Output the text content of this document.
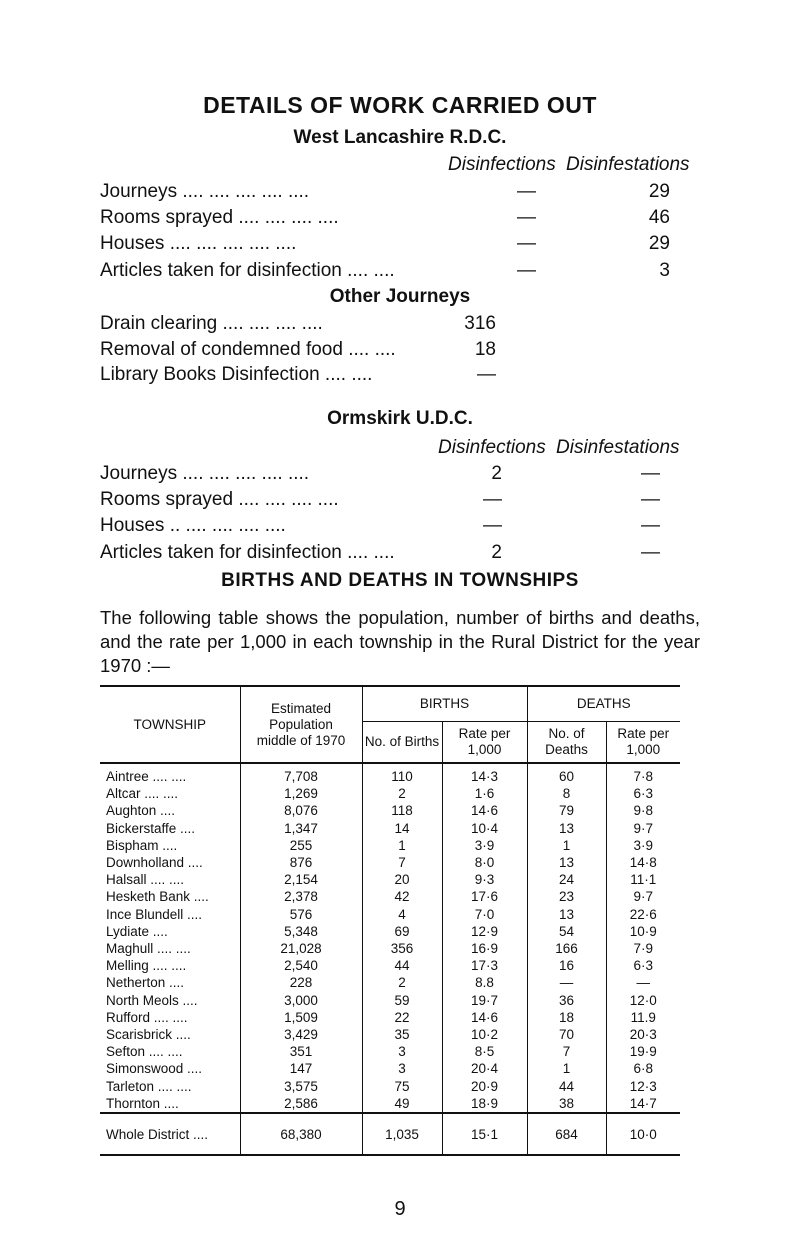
DETAILS OF WORK CARRIED OUT
West Lancashire R.D.C.
Disinfections Disinfestations
Journeys .... .... .... .... ....	—	29
Rooms sprayed .... .... .... ....	—	46
Houses .... .... .... .... ....	—	29
Articles taken for disinfection .... ....	—	3
Other Journeys
Drain clearing .... .... .... ....	316
Removal of condemned food .... ....	18
Library Books Disinfection .... ....	—
Ormskirk U.D.C.
Disinfections Disinfestations
Journeys .... .... .... .... ....	2	—
Rooms sprayed .... .... .... ....	—	—
Houses .. .... .... .... ....	—	—
Articles taken for disinfection .... ....	2	—
BIRTHS AND DEATHS IN TOWNSHIPS
The following table shows the population, number of births and deaths, and the rate per 1,000 in each township in the Rural District for the year 1970 :—
TOWNSHIP	Estimated Population middle of 1970	BIRTHS		DEATHS	
		No. of Births	Rate per 1,000	No. of Deaths	Rate per 1,000
Aintree .... ....	7,708	110	14·3	60	7·8
Altcar .... ....	1,269	2	1·6	8	6·3
Aughton ....	8,076	118	14·6	79	9·8
Bickerstaffe ....	1,347	14	10·4	13	9·7
Bispham ....	255	1	3·9	1	3·9
Downholland ....	876	7	8·0	13	14·8
Halsall .... ....	2,154	20	9·3	24	11·1
Hesketh Bank ....	2,378	42	17·6	23	9·7
Ince Blundell ....	576	4	7·0	13	22·6
Lydiate ....	5,348	69	12·9	54	10·9
Maghull .... ....	21,028	356	16·9	166	7·9
Melling .... ....	2,540	44	17·3	16	6·3
Netherton ....	228	2	8.8	—	—
North Meols ....	3,000	59	19·7	36	12·0
Rufford .... ....	1,509	22	14·6	18	11.9
Scarisbrick ....	3,429	35	10·2	70	20·3
Sefton .... ....	351	3	8·5	7	19·9
Simonswood ....	147	3	20·4	1	6·8
Tarleton .... ....	3,575	75	20·9	44	12·3
Thornton ....	2,586	49	18·9	38	14·7
Whole District ....	68,380	1,035	15·1	684	10·0
9
